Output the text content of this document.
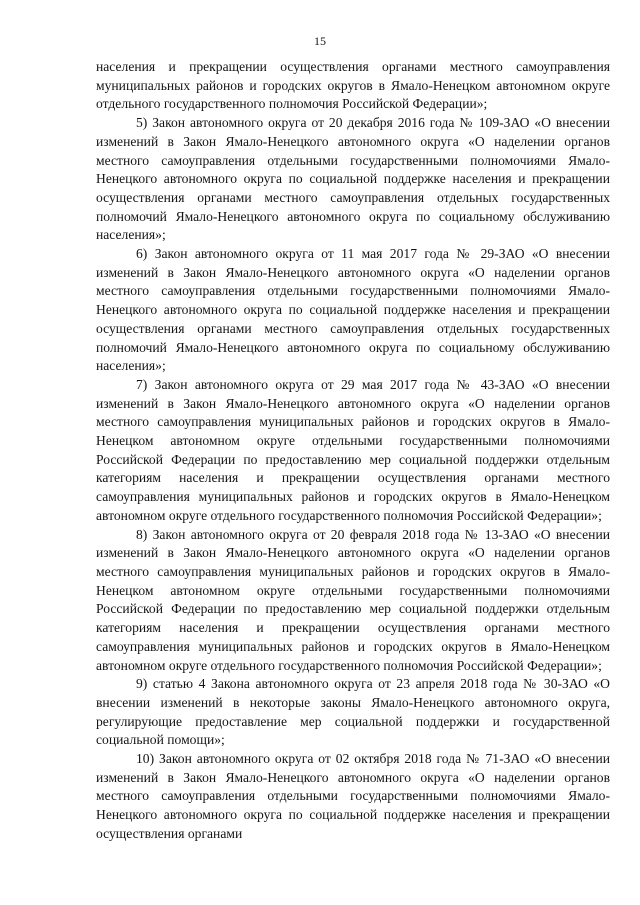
15

населения и прекращении осуществления органами местного самоуправления муниципальных районов и городских округов в Ямало-Ненецком автономном округе отдельного государственного полномочия Российской Федерации»;

5) Закон автономного округа от 20 декабря 2016 года № 109-ЗАО «О внесении изменений в Закон Ямало-Ненецкого автономного округа «О наделении органов местного самоуправления отдельными государственными полномочиями Ямало-Ненецкого автономного округа по социальной поддержке населения и прекращении осуществления органами местного самоуправления отдельных государственных полномочий Ямало-Ненецкого автономного округа по социальному обслуживанию населения»;

6) Закон автономного округа от 11 мая 2017 года № 29-ЗАО «О внесении изменений в Закон Ямало-Ненецкого автономного округа «О наделении органов местного самоуправления отдельными государственными полномочиями Ямало-Ненецкого автономного округа по социальной поддержке населения и прекращении осуществления органами местного самоуправления отдельных государственных полномочий Ямало-Ненецкого автономного округа по социальному обслуживанию населения»;

7) Закон автономного округа от 29 мая 2017 года № 43-ЗАО «О внесении изменений в Закон Ямало-Ненецкого автономного округа «О наделении органов местного самоуправления муниципальных районов и городских округов в Ямало-Ненецком автономном округе отдельными государственными полномочиями Российской Федерации по предоставлению мер социальной поддержки отдельным категориям населения и прекращении осуществления органами местного самоуправления муниципальных районов и городских округов в Ямало-Ненецком автономном округе отдельного государственного полномочия Российской Федерации»;

8) Закон автономного округа от 20 февраля 2018 года № 13-ЗАО «О внесении изменений в Закон Ямало-Ненецкого автономного округа «О наделении органов местного самоуправления муниципальных районов и городских округов в Ямало-Ненецком автономном округе отдельными государственными полномочиями Российской Федерации по предоставлению мер социальной поддержки отдельным категориям населения и прекращении осуществления органами местного самоуправления муниципальных районов и городских округов в Ямало-Ненецком автономном округе отдельного государственного полномочия Российской Федерации»;

9) статью 4 Закона автономного округа от 23 апреля 2018 года № 30-ЗАО «О внесении изменений в некоторые законы Ямало-Ненецкого автономного округа, регулирующие предоставление мер социальной поддержки и государственной социальной помощи»;

10) Закон автономного округа от 02 октября 2018 года № 71-ЗАО «О внесении изменений в Закон Ямало-Ненецкого автономного округа «О наделении органов местного самоуправления отдельными государственными полномочиями Ямало-Ненецкого автономного округа по социальной поддержке населения и прекращении осуществления органами
